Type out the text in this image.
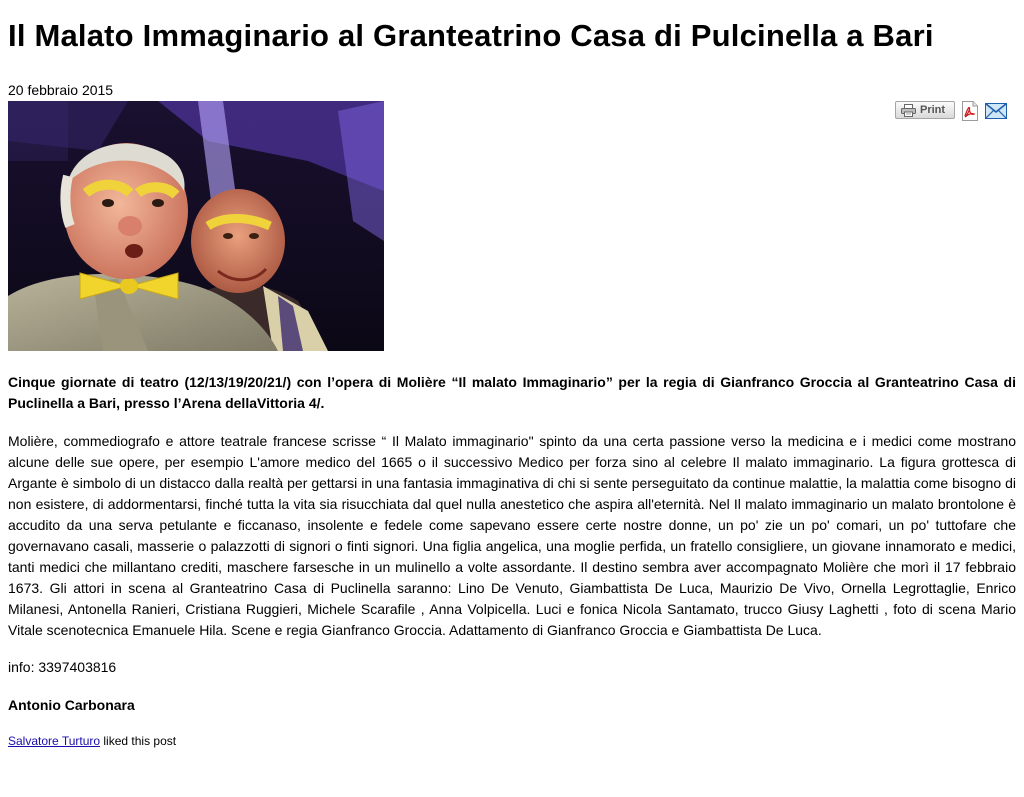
Il Malato Immaginario al Granteatrino Casa di Pulcinella a Bari
20 febbraio 2015
Print

Cinque giornate di teatro (12/13/19/20/21/) con l’opera di Molière “Il malato Immaginario” per la regia di Gianfranco Groccia al Granteatrino Casa di Puclinella a Bari, presso l’Arena dellaVittoria 4/.

Molière, commediografo e attore teatrale francese scrisse “ Il Malato immaginario" spinto da una certa passione verso la medicina e i medici come mostrano alcune delle sue opere, per esempio L'amore medico del 1665 o il successivo Medico per forza sino al celebre Il malato immaginario. La figura grottesca di Argante è simbolo di un distacco dalla realtà per gettarsi in una fantasia immaginativa di chi si sente perseguitato da continue malattie, la malattia come bisogno di non esistere, di addormentarsi, finché tutta la vita sia risucchiata dal quel nulla anestetico che aspira all'eternità. Nel Il malato immaginario un malato brontolone è accudito da una serva petulante e ficcanaso, insolente e fedele come sapevano essere certe nostre donne, un po' zie un po' comari, un po' tuttofare che governavano casali, masserie o palazzotti di signori o finti signori. Una figlia angelica, una moglie perfida, un fratello consigliere, un giovane innamorato e medici, tanti medici che millantano crediti, maschere farsesche in un mulinello a volte assordante. Il destino sembra aver accompagnato Molière che morì il 17 febbraio 1673. Gli attori in scena al Granteatrino Casa di Puclinella saranno: Lino De Venuto, Giambattista De Luca, Maurizio De Vivo, Ornella Legrottaglie, Enrico Milanesi, Antonella Ranieri, Cristiana Ruggieri, Michele Scarafile , Anna Volpicella. Luci e fonica Nicola Santamato, trucco Giusy Laghetti , foto di scena Mario Vitale scenotecnica Emanuele Hila. Scene e regia Gianfranco Groccia. Adattamento di Gianfranco Groccia e Giambattista De Luca.

info: 3397403816

Antonio Carbonara

Salvatore Turturo liked this post
